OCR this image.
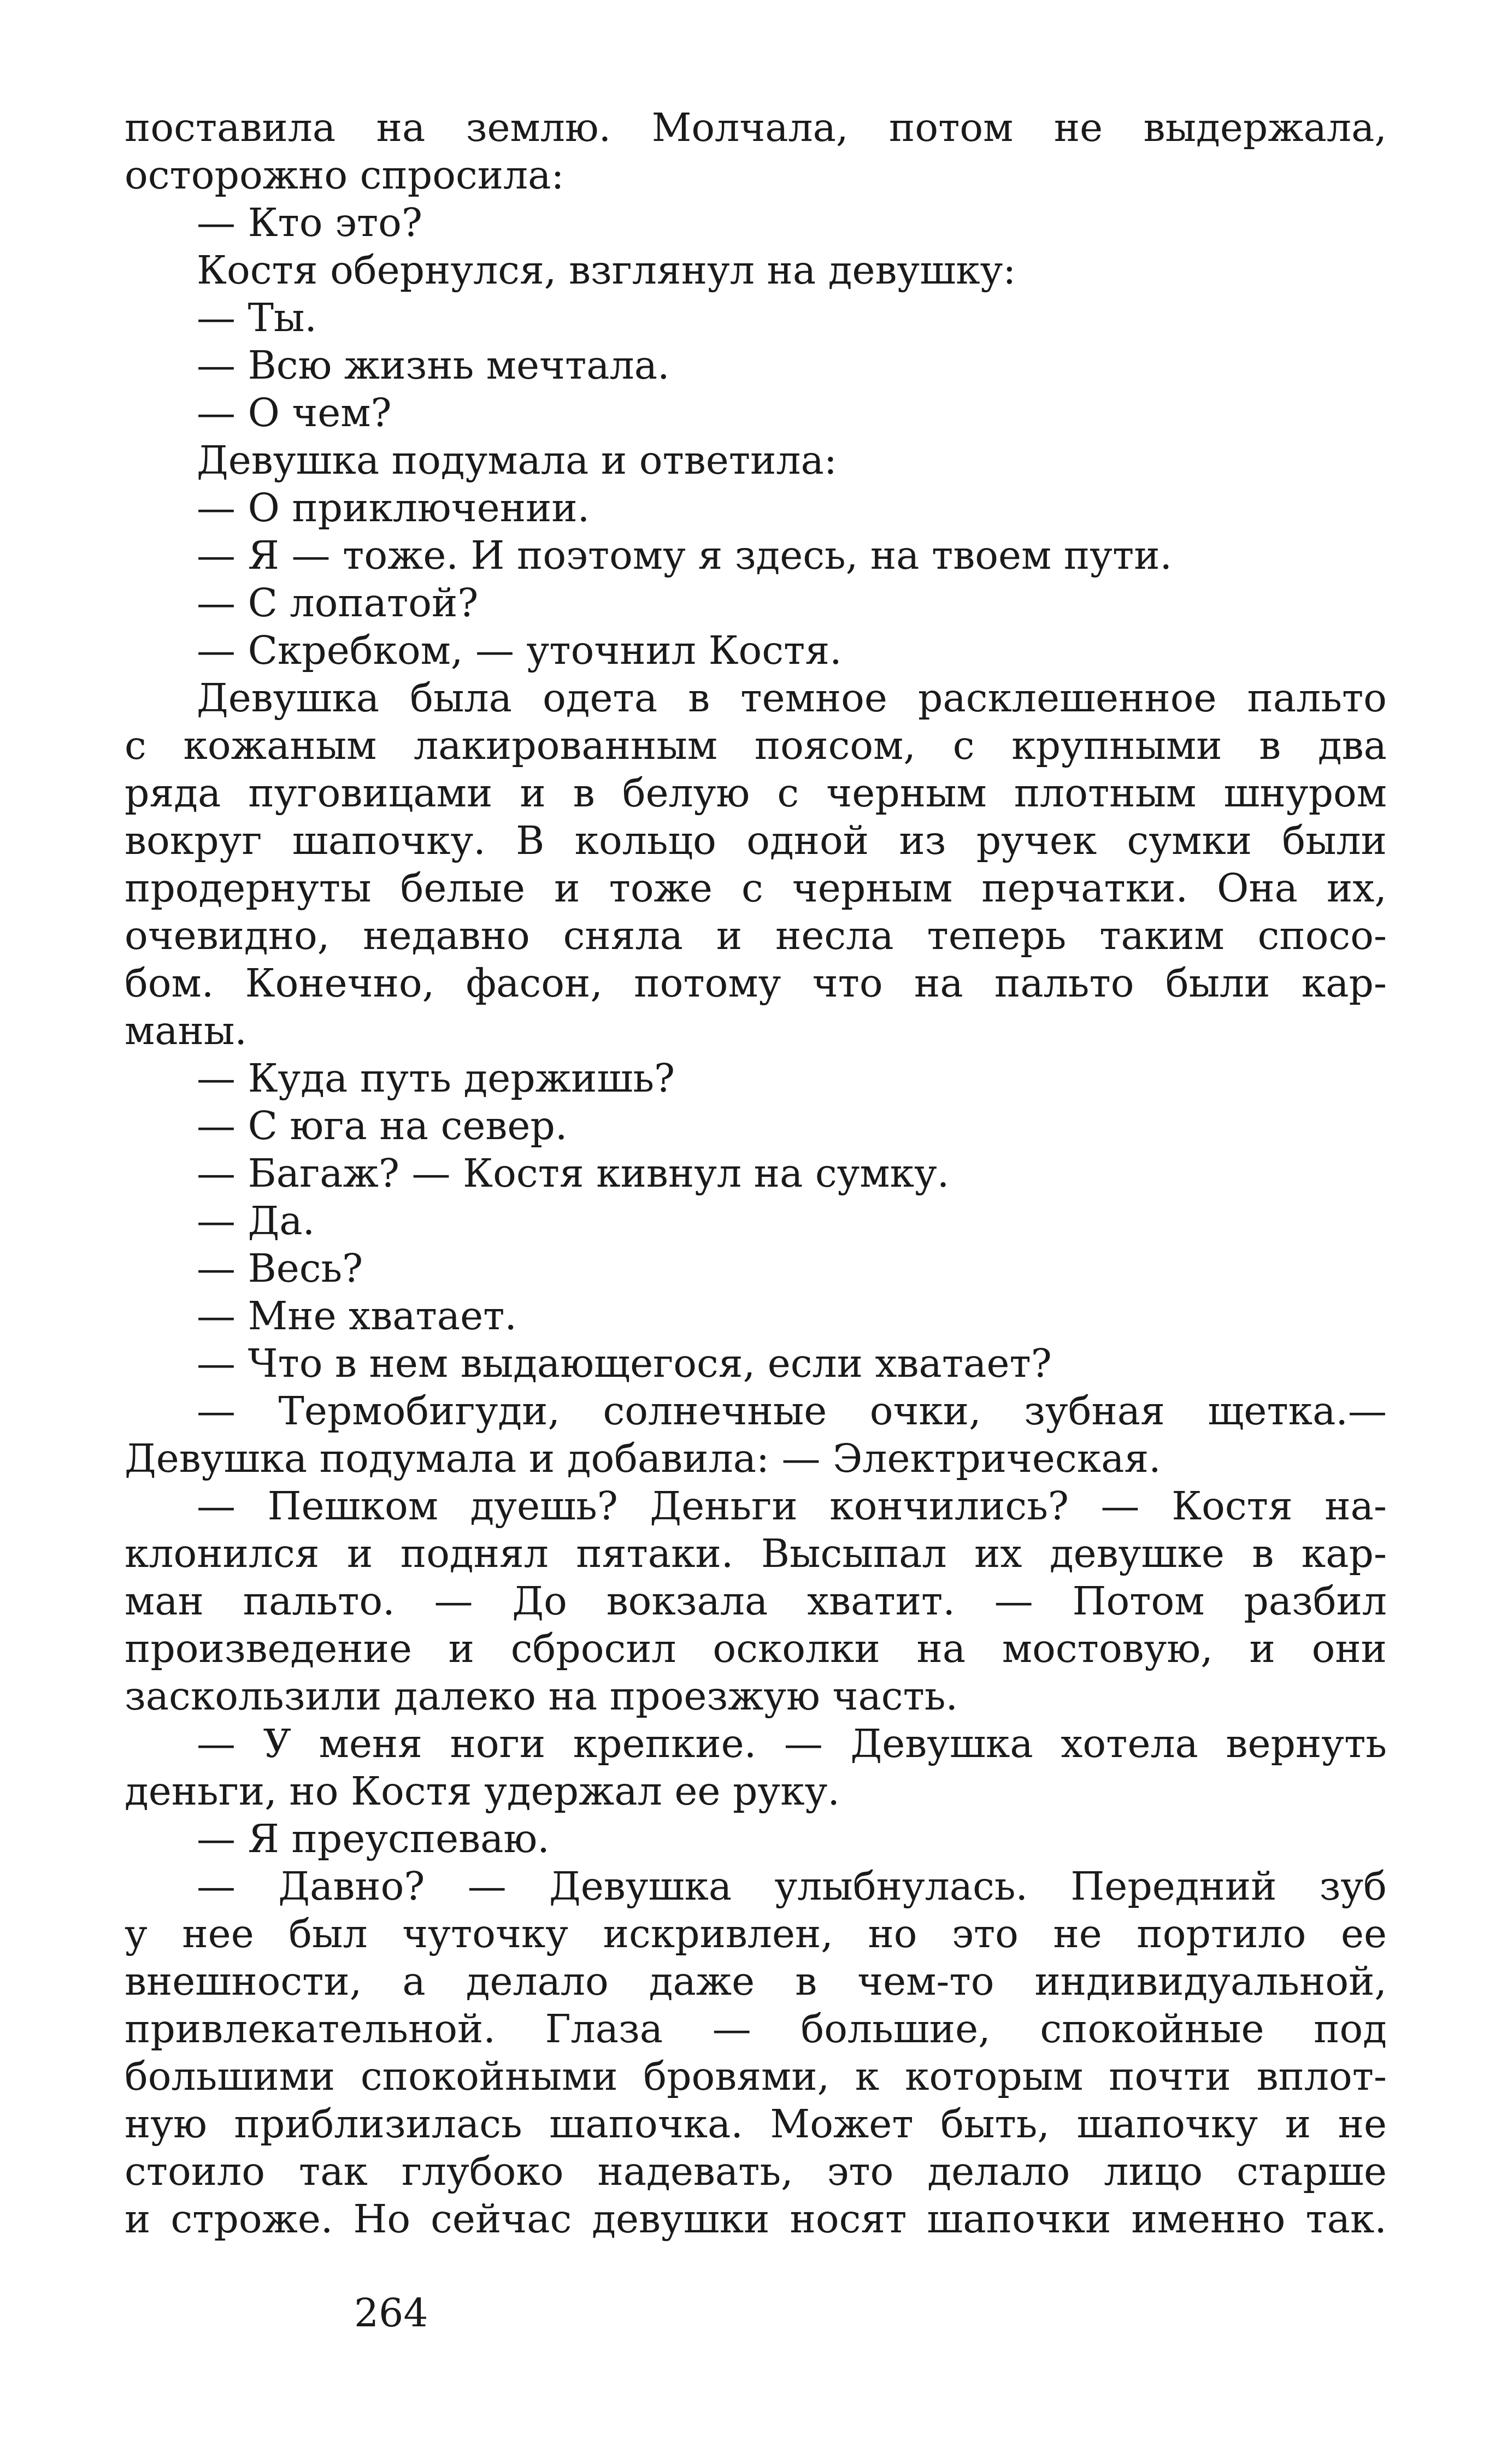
поставила на землю. Молчала, потом не выдержала,
осторожно спросила:
— Кто это?
Костя обернулся, взглянул на девушку:
— Ты.
— Всю жизнь мечтала.
— О чем?
Девушка подумала и ответила:
— О приключении.
— Я — тоже. И поэтому я здесь, на твоем пути.
— С лопатой?
— Скребком, — уточнил Костя.
Девушка была одета в темное расклешенное пальто
с кожаным лакированным поясом, с крупными в два
ряда пуговицами и в белую с черным плотным шнуром
вокруг шапочку. В кольцо одной из ручек сумки были
продернуты белые и тоже с черным перчатки. Она их,
очевидно, недавно сняла и несла теперь таким спосо-
бом. Конечно, фасон, потому что на пальто были кар-
маны.
— Куда путь держишь?
— С юга на север.
— Багаж? — Костя кивнул на сумку.
— Да.
— Весь?
— Мне хватает.
— Что в нем выдающегося, если хватает?
— Термобигуди, солнечные очки, зубная щетка.—
Девушка подумала и добавила: — Электрическая.
— Пешком дуешь? Деньги кончились? — Костя на-
клонился и поднял пятаки. Высыпал их девушке в кар-
ман пальто. — До вокзала хватит. — Потом разбил
произведение и сбросил осколки на мостовую, и они
заскользили далеко на проезжую часть.
— У меня ноги крепкие. — Девушка хотела вернуть
деньги, но Костя удержал ее руку.
— Я преуспеваю.
— Давно? — Девушка улыбнулась. Передний зуб
у нее был чуточку искривлен, но это не портило ее
внешности, а делало даже в чем-то индивидуальной,
привлекательной. Глаза — большие, спокойные под
большими спокойными бровями, к которым почти вплот-
ную приблизилась шапочка. Может быть, шапочку и не
стоило так глубоко надевать, это делало лицо старше
и строже. Но сейчас девушки носят шапочки именно так.
264
